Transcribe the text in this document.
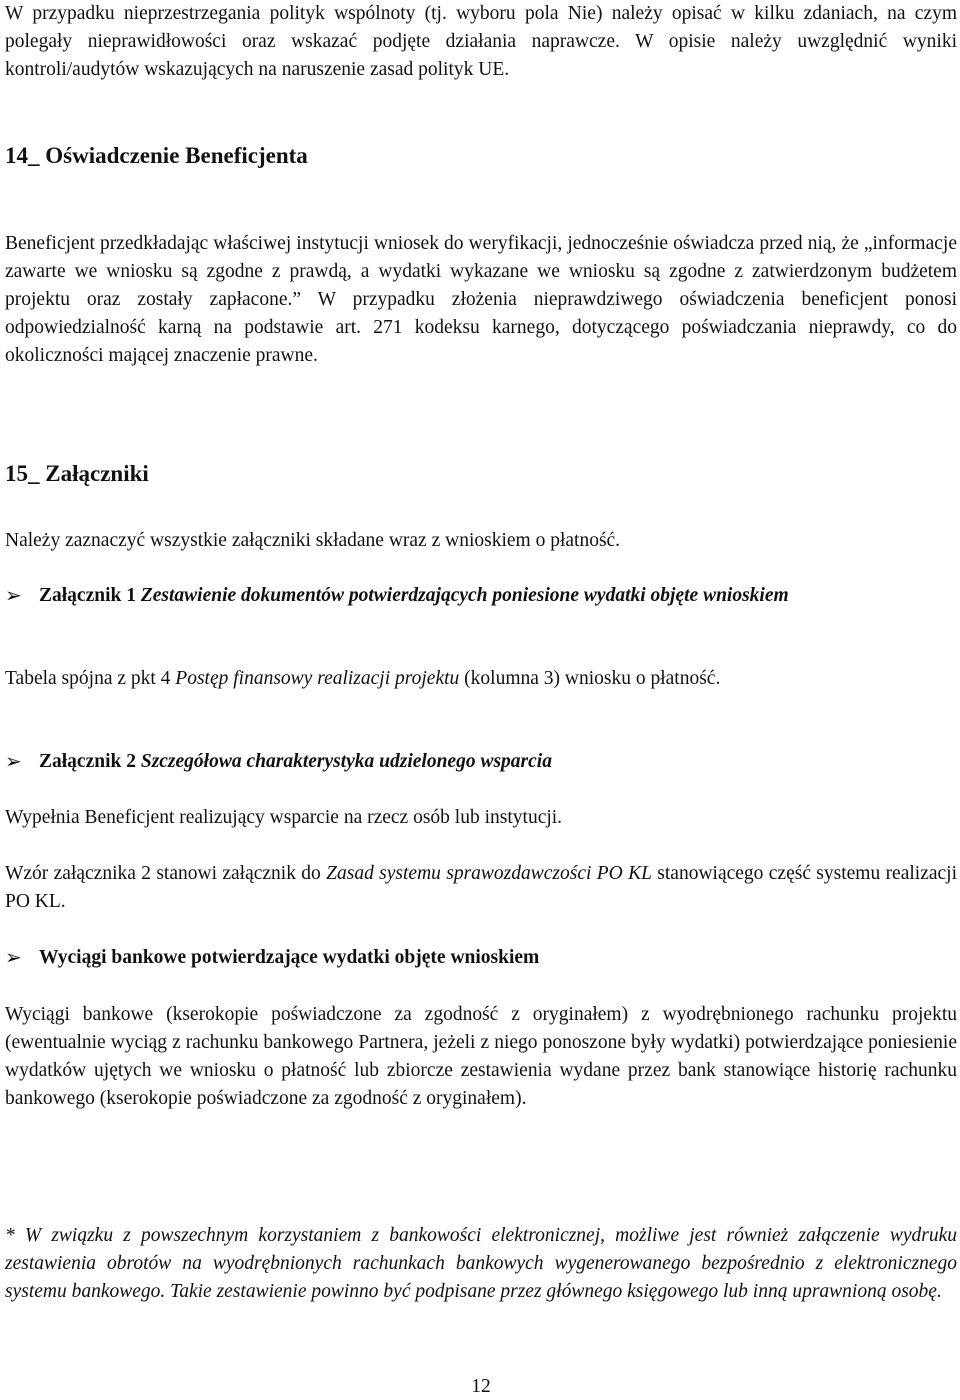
W przypadku nieprzestrzegania polityk wspólnoty (tj. wyboru pola Nie) należy opisać w kilku zdaniach, na czym polegały nieprawidłowości oraz wskazać podjęte działania naprawcze. W opisie należy uwzględnić wyniki kontroli/audytów wskazujących na naruszenie zasad polityk UE.

14_ Oświadczenie Beneficjenta

Beneficjent przedkładając właściwej instytucji wniosek do weryfikacji, jednocześnie oświadcza przed nią, że „informacje zawarte we wniosku są zgodne z prawdą, a wydatki wykazane we wniosku są zgodne z zatwierdzonym budżetem projektu oraz zostały zapłacone.” W przypadku złożenia nieprawdziwego oświadczenia beneficjent ponosi odpowiedzialność karną na podstawie art. 271 kodeksu karnego, dotyczącego poświadczania nieprawdy, co do okoliczności mającej znaczenie prawne.

15_ Załączniki

Należy zaznaczyć wszystkie załączniki składane wraz z wnioskiem o płatność.

➢ Załącznik 1 Zestawienie dokumentów potwierdzających poniesione wydatki objęte wnioskiem

Tabela spójna z pkt 4 Postęp finansowy realizacji projektu (kolumna 3) wniosku o płatność.

➢ Załącznik 2 Szczegółowa charakterystyka udzielonego wsparcia

Wypełnia Beneficjent realizujący wsparcie na rzecz osób lub instytucji.

Wzór załącznika 2 stanowi załącznik do Zasad systemu sprawozdawczości PO KL stanowiącego część systemu realizacji PO KL.

➢ Wyciągi bankowe potwierdzające wydatki objęte wnioskiem

Wyciągi bankowe (kserokopie poświadczone za zgodność z oryginałem) z wyodrębnionego rachunku projektu (ewentualnie wyciąg z rachunku bankowego Partnera, jeżeli z niego ponoszone były wydatki) potwierdzające poniesienie wydatków ujętych we wniosku o płatność lub zbiorcze zestawienia wydane przez bank stanowiące historię rachunku bankowego (kserokopie poświadczone za zgodność z oryginałem).

* W związku z powszechnym korzystaniem z bankowości elektronicznej, możliwe jest również załączenie wydruku zestawienia obrotów na wyodrębnionych rachunkach bankowych wygenerowanego bezpośrednio z elektronicznego systemu bankowego. Takie zestawienie powinno być podpisane przez głównego księgowego lub inną uprawnioną osobę.

12
